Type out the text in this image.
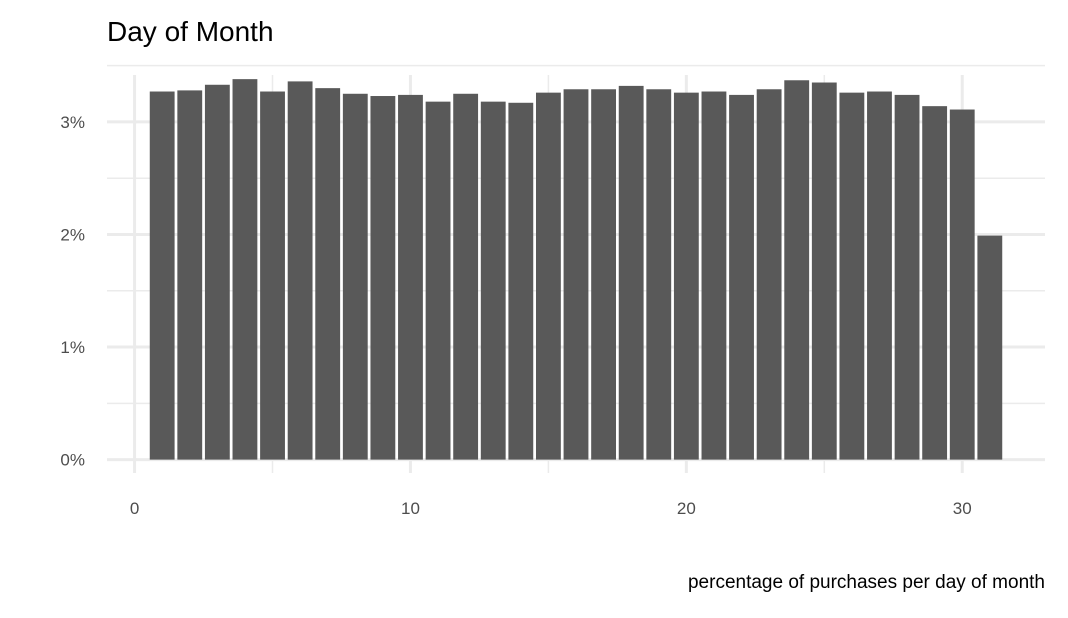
Day of Month
0%
1%
2%
3%
0	10	20	30
percentage of purchases per day of month
